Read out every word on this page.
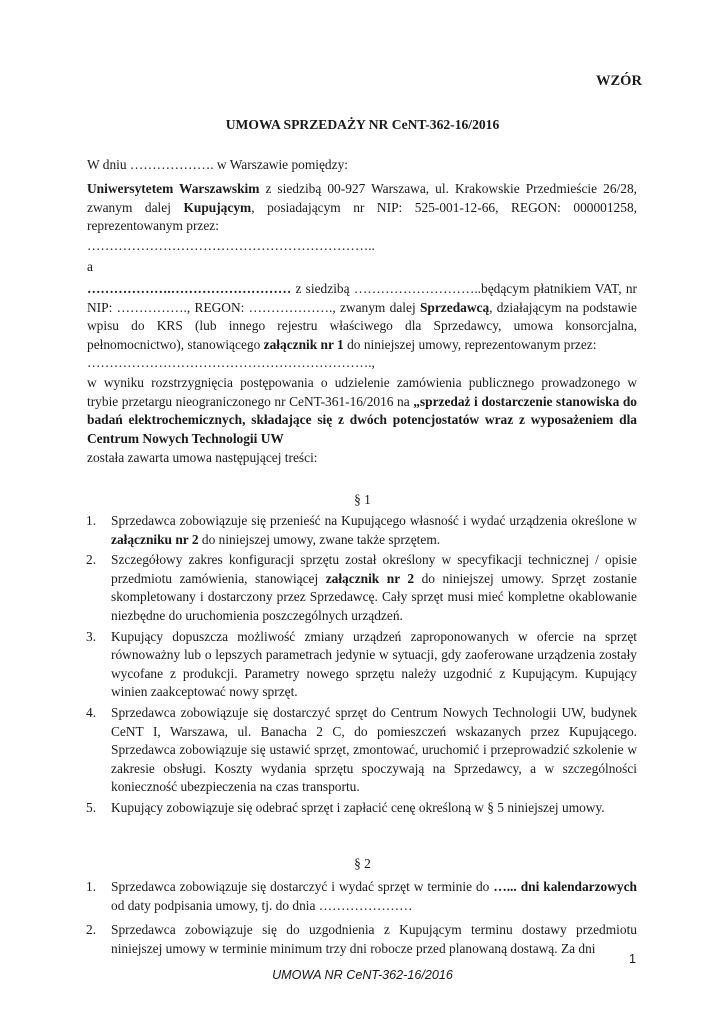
WZÓR
UMOWA SPRZEDAŻY NR CeNT-362-16/2016

W dniu ………………. w Warszawie pomiędzy:

Uniwersytetem Warszawskim z siedzibą 00-927 Warszawa, ul. Krakowskie Przedmieście 26/28, zwanym dalej Kupującym, posiadającym nr NIP: 525-001-12-66, REGON: 000001258, reprezentowanym przez:

………………………………………………………..

a

……………….……………………… z siedzibą ………………………..będącym płatnikiem VAT, nr NIP: ……………., REGON: ………………., zwanym dalej Sprzedawcą, działającym na podstawie wpisu do KRS (lub innego rejestru właściwego dla Sprzedawcy, umowa konsorcjalna, pełnomocnictwo), stanowiącego załącznik nr 1 do niniejszej umowy, reprezentowanym przez:

……………………………………………………….,

w wyniku rozstrzygnięcia postępowania o udzielenie zamówienia publicznego prowadzonego w trybie przetargu nieograniczonego nr CeNT-361-16/2016 na „sprzedaż i dostarczenie stanowiska do badań elektrochemicznych, składające się z dwóch potencjostatów wraz z wyposażeniem dla Centrum Nowych Technologii UW

została zawarta umowa następującej treści:

§ 1
1. Sprzedawca zobowiązuje się przenieść na Kupującego własność i wydać urządzenia określone w załączniku nr 2 do niniejszej umowy, zwane także sprzętem.

2. Szczegółowy zakres konfiguracji sprzętu został określony w specyfikacji technicznej / opisie przedmiotu zamówienia, stanowiącej załącznik nr 2 do niniejszej umowy. Sprzęt zostanie skompletowany i dostarczony przez Sprzedawcę. Cały sprzęt musi mieć kompletne okablowanie niezbędne do uruchomienia poszczególnych urządzeń.

3. Kupujący dopuszcza możliwość zmiany urządzeń zaproponowanych w ofercie na sprzęt równoważny lub o lepszych parametrach jedynie w sytuacji, gdy zaoferowane urządzenia zostały wycofane z produkcji. Parametry nowego sprzętu należy uzgodnić z Kupującym. Kupujący winien zaakceptować nowy sprzęt.

4. Sprzedawca zobowiązuje się dostarczyć sprzęt do Centrum Nowych Technologii UW, budynek CeNT I, Warszawa, ul. Banacha 2 C, do pomieszczeń wskazanych przez Kupującego. Sprzedawca zobowiązuje się ustawić sprzęt, zmontować, uruchomić i przeprowadzić szkolenie w zakresie obsługi. Koszty wydania sprzętu spoczywają na Sprzedawcy, a w szczególności konieczność ubezpieczenia na czas transportu.

5. Kupujący zobowiązuje się odebrać sprzęt i zapłacić cenę określoną w § 5 niniejszej umowy.

§ 2
1. Sprzedawca zobowiązuje się dostarczyć i wydać sprzęt w terminie do …... dni kalendarzowych od daty podpisania umowy, tj. do dnia …………………

2. Sprzedawca zobowiązuje się do uzgodnienia z Kupującym terminu dostawy przedmiotu niniejszej umowy w terminie minimum trzy dni robocze przed planowaną dostawą. Za dni

1
UMOWA NR CeNT-362-16/2016
